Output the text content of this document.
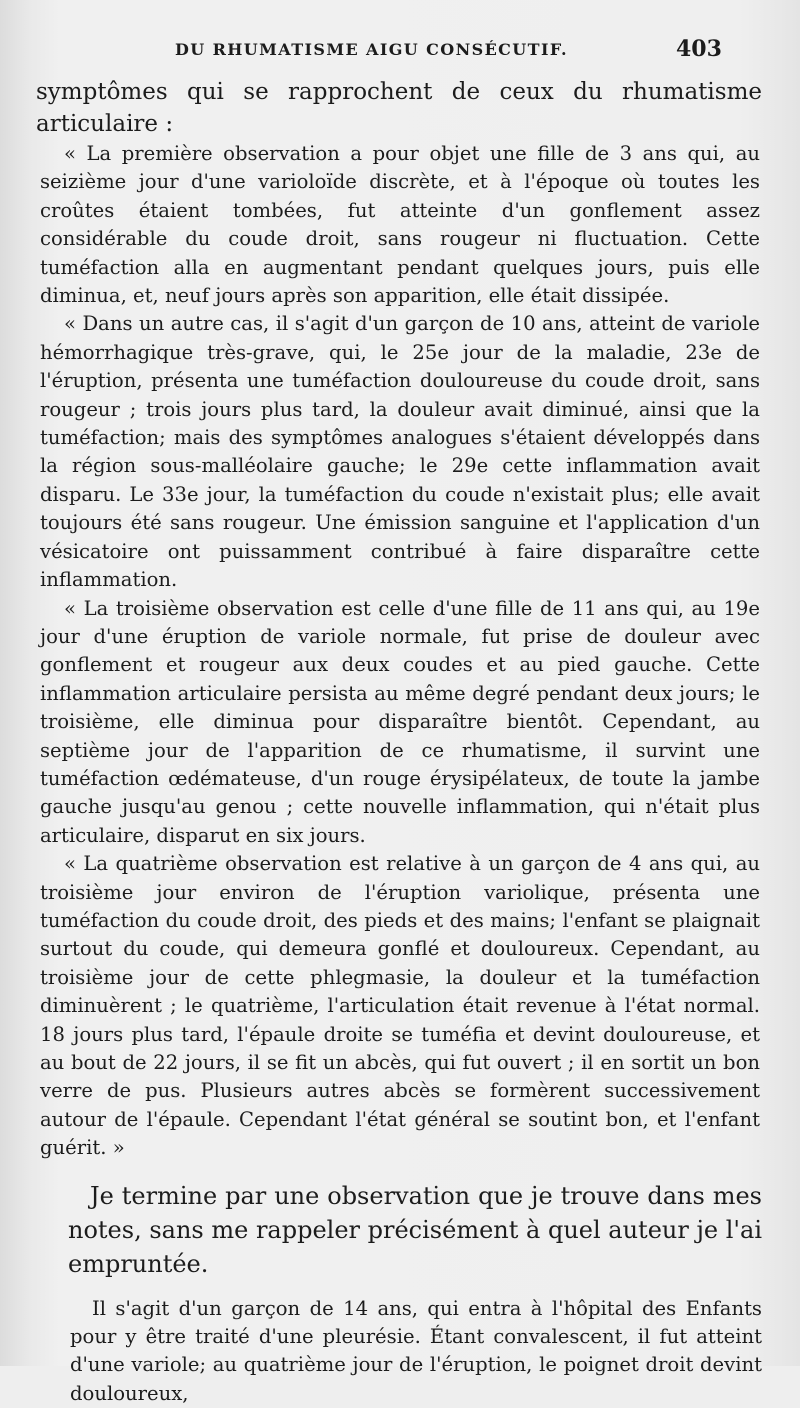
DU RHUMATISME AIGU CONSÉCUTIF.	403

symptômes qui se rapprochent de ceux du rhumatisme articulaire :

« La première observation a pour objet une fille de 3 ans qui, au seizième jour d'une varioloïde discrète, et à l'époque où toutes les croûtes étaient tombées, fut atteinte d'un gonflement assez considérable du coude droit, sans rougeur ni fluctuation. Cette tuméfaction alla en augmentant pendant quelques jours, puis elle diminua, et, neuf jours après son apparition, elle était dissipée.

« Dans un autre cas, il s'agit d'un garçon de 10 ans, atteint de variole hémorrhagique très-grave, qui, le 25e jour de la maladie, 23e de l'éruption, présenta une tuméfaction douloureuse du coude droit, sans rougeur ; trois jours plus tard, la douleur avait diminué, ainsi que la tuméfaction; mais des symptômes analogues s'étaient développés dans la région sous-malléolaire gauche; le 29e cette inflammation avait disparu. Le 33e jour, la tuméfaction du coude n'existait plus; elle avait toujours été sans rougeur. Une émission sanguine et l'application d'un vésicatoire ont puissamment contribué à faire disparaître cette inflammation.

« La troisième observation est celle d'une fille de 11 ans qui, au 19e jour d'une éruption de variole normale, fut prise de douleur avec gonflement et rougeur aux deux coudes et au pied gauche. Cette inflammation articulaire persista au même degré pendant deux jours; le troisième, elle diminua pour disparaître bientôt. Cependant, au septième jour de l'apparition de ce rhumatisme, il survint une tuméfaction œdémateuse, d'un rouge érysipélateux, de toute la jambe gauche jusqu'au genou ; cette nouvelle inflammation, qui n'était plus articulaire, disparut en six jours.

« La quatrième observation est relative à un garçon de 4 ans qui, au troisième jour environ de l'éruption variolique, présenta une tuméfaction du coude droit, des pieds et des mains; l'enfant se plaignait surtout du coude, qui demeura gonflé et douloureux. Cependant, au troisième jour de cette phlegmasie, la douleur et la tuméfaction diminuèrent ; le quatrième, l'articulation était revenue à l'état normal. 18 jours plus tard, l'épaule droite se tuméfia et devint douloureuse, et au bout de 22 jours, il se fit un abcès, qui fut ouvert ; il en sortit un bon verre de pus. Plusieurs autres abcès se formèrent successivement autour de l'épaule. Cependant l'état général se soutint bon, et l'enfant guérit. »

Je termine par une observation que je trouve dans mes notes, sans me rappeler précisément à quel auteur je l'ai empruntée.

Il s'agit d'un garçon de 14 ans, qui entra à l'hôpital des Enfants pour y être traité d'une pleurésie. Étant convalescent, il fut atteint d'une variole; au quatrième jour de l'éruption, le poignet droit devint douloureux,
